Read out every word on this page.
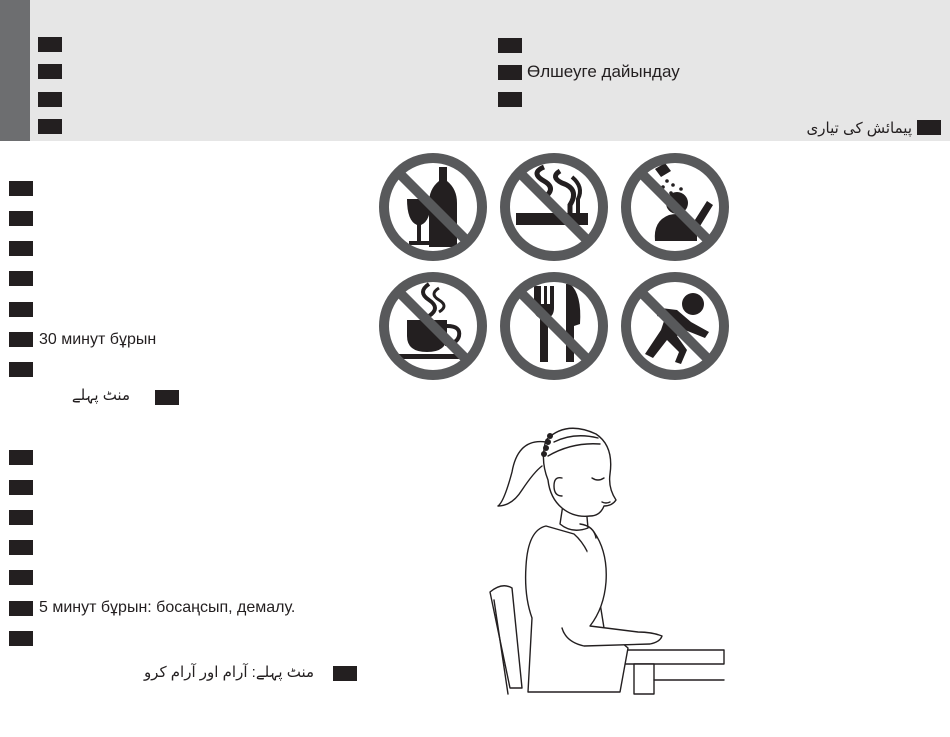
Өлшеуге дайындау
پیمائش کی تیاری
30 минут бұрын
منٹ پہلے
5 минут бұрын: босаңсып, демалу.
منٹ پہلے: آرام اور آرام کرو
